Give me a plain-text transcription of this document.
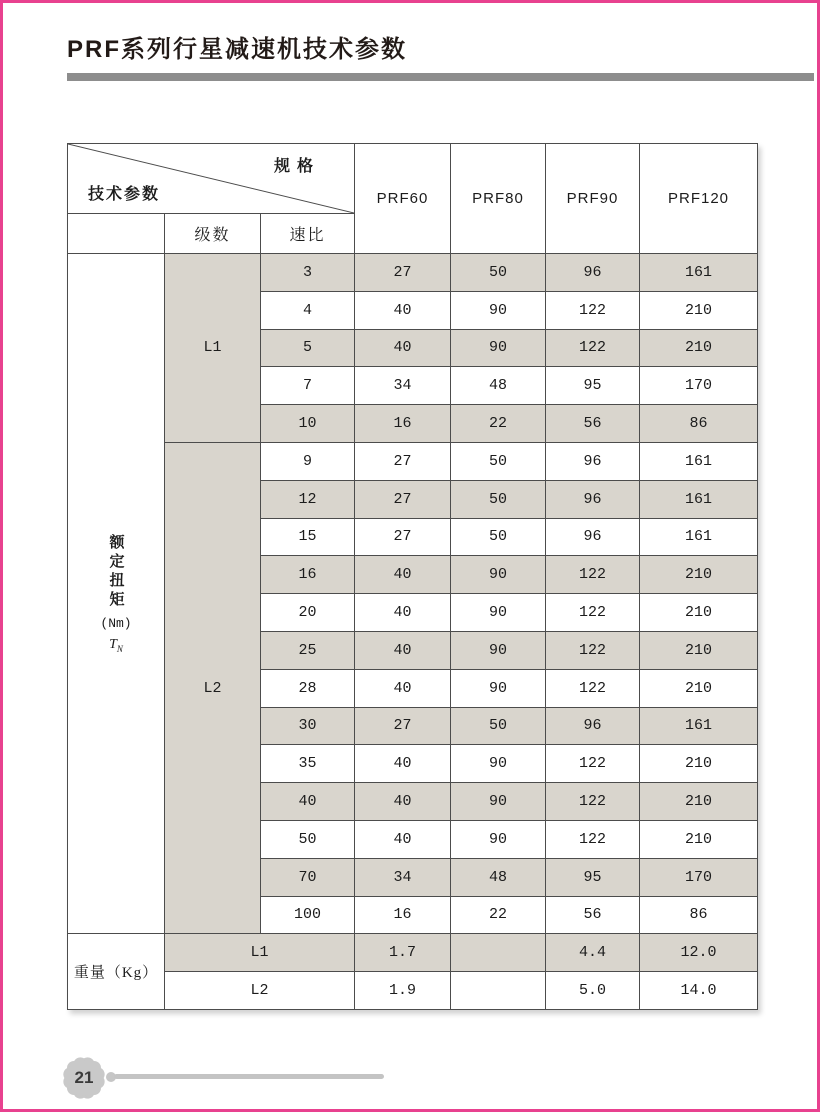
PRF系列行星减速机技术参数
规格
技术参数			PRF60	PRF80	PRF90	PRF120
	级数	速比				

额定扭矩
(Nm)
$T_N$	L1	3	27	50	96	161
		4	40	90	122	210
		5	40	90	122	210
		7	34	48	95	170
		10	16	22	56	86
	L2	9	27	50	96	161
		12	27	50	96	161
		15	27	50	96	161
		16	40	90	122	210
		20	40	90	122	210
		25	40	90	122	210
		28	40	90	122	210
		30	27	50	96	161
		35	40	90	122	210
		40	40	90	122	210
		50	40	90	122	210
		70	34	48	95	170
		100	16	22	56	86
重量（Kg）	L1		1.7		4.4	12.0
	L2		1.9		5.0	14.0
21
